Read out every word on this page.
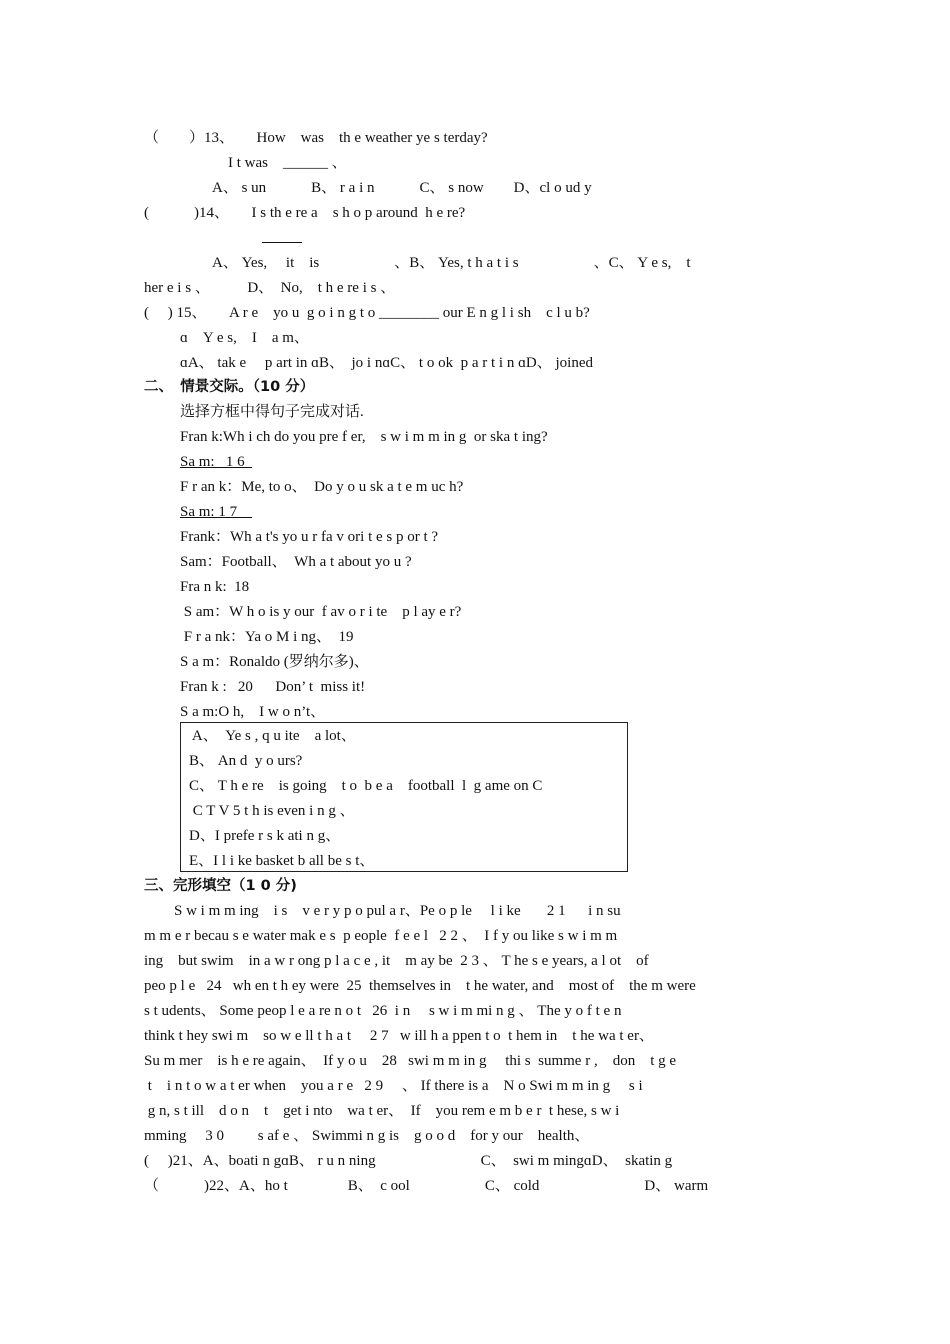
（　　）13、　　How　was　th e weather ye s terday?
I t was　______ 、
A、 s un　　　B、 r a i n　　　C、 s now　　D、cl o ud y
(　　　)14、　　I s th e re a　s h o p around  h e re?
A、 Yes,　 it　is　　　　　、B、 Yes, t h a t i s　　　　　、C、 Y e s,　t
her e i s 、　　　D、　No,　t h e re i s 、
(　 ) 15、　　A r e　yo u  g o i n g t o ________ our E n g l i sh　c l u b?
ɑ　Y e s,　I　a m、
ɑA、 tak e　 p art in ɑB、　jo i nɑC、 t o ok  p a r t i n ɑD、 joined
二、　情景交际。（10 分）
选择方框中得句子完成对话.
Fran k:Wh i ch do you pre f er,　s w i m m in g  or ska t ing?
Sa m:   1 6
F r an k：Me, to o、  Do y o u sk a t e m uc h?
Sa m: 1 7
Frank：Wh a t's yo u r fa v ori t e s p or t ?
Sam：Football、  Wh a t about yo u ?
Fra n k:  18
S am：W h o is y our  f av o r i te　p l ay e r?
F r a nk：Ya o M i ng、  19
S a m：Ronaldo (罗纳尔多)、
Fran k :   20　  Don’ t  miss it!
S a m:O h,　I w o n’t、
A、　Ye s , q u ite　a lot、
B、 An d  y o urs?
C、 T h e re　is going　t o  b e a　football  l  g ame on C
C T V 5 t h is even i n g 、
D、I prefe r s k ati n g、
E、I l i ke basket b all be s t、
三、完形填空（1 0 分)
　　S w i m m ing　i s　v e r y p o pul a r、Pe o p le　 l i ke       2 1　  i n su
m m e r becau s e water mak e s  p eople  f e e l   2 2 、　I f y ou like s w i m m
ing　but swim　in a w r ong p l a c e , it　m ay be  2 3 、 T he s e years, a l ot　of
peo p l e   24   wh en t h ey were  25  themselves in　t he water, and　most of　the m were
s t udents、 Some peop l e a re n o t   26  i n　 s w i m mi n g 、 The y o f t e n
think t hey swi m　so w e ll t h a t     2 7   w ill h a ppen t o  t hem in　t he wa t er、
Su m mer　is h e re again、　If y o u    28   swi m m in g　 thi s  summe r ,　don　t g e
t　i n t o w a t er when　you a r e   2 9     、 If there is a　N o Swi m m in g　 s i
g n, s t ill　d o n　t　get i nto　wa t er、　If　you rem e m b e r  t hese, s w i
mming     3 0　 　s af e 、 Swimmi n g is　g o o d　for y our　health、
(　 )21、A、boati n gɑB、 r u n ning　　　　　　　C、　swi m mingɑD、　skatin g
（　　　)22、A、ho t　　　　B、　c ool　　　　　C、 cold　　　　　　　D、 warm
